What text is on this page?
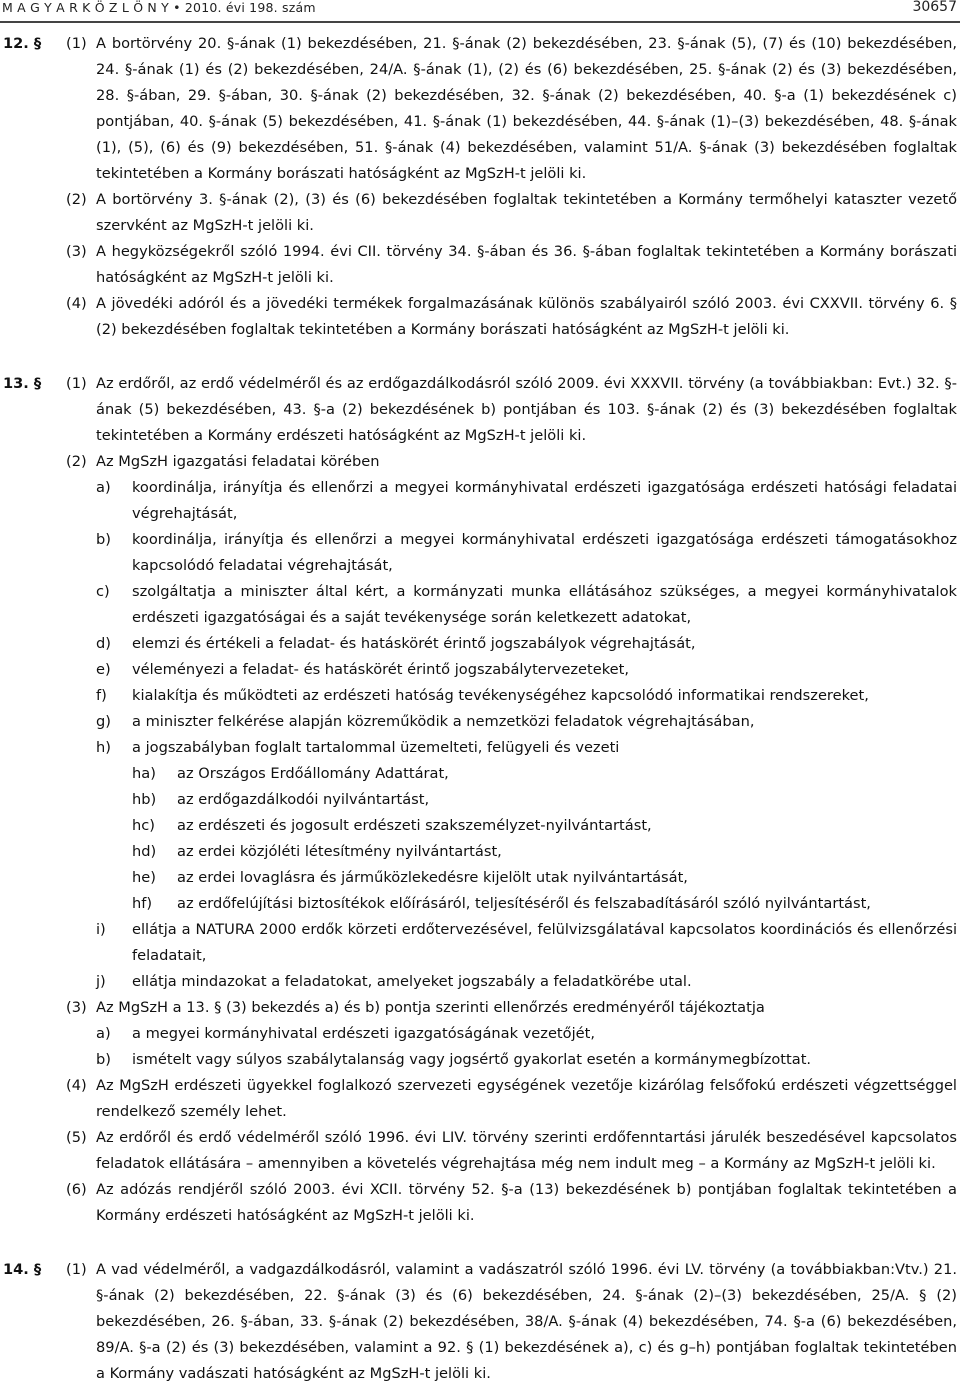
M A G Y A R K Ö Z L Ö N Y • 2010. évi 198. szám	30657
12. §	(1) A bortörvény 20. §-ának (1) bekezdésében, 21. §-ának (2) bekezdésében, 23. §-ának (5), (7) és (10) bekezdésében, 24. §-ának (1) és (2) bekezdésében, 24/A. §-ának (1), (2) és (6) bekezdésében, 25. §-ának (2) és (3) bekezdésében, 28. §-ában, 29. §-ában, 30. §-ának (2) bekezdésében, 32. §-ának (2) bekezdésében, 40. §-a (1) bekezdésének c) pontjában, 40. §-ának (5) bekezdésében, 41. §-ának (1) bekezdésében, 44. §-ának (1)–(3) bekezdésében, 48. §-ának (1), (5), (6) és (9) bekezdésében, 51. §-ának (4) bekezdésében, valamint 51/A. §-ának (3) bekezdésében foglaltak tekintetében a Kormány borászati hatóságként az MgSzH-t jelöli ki.
(2) A bortörvény 3. §-ának (2), (3) és (6) bekezdésében foglaltak tekintetében a Kormány termőhelyi kataszter vezető szervként az MgSzH-t jelöli ki.
(3) A hegyközségekről szóló 1994. évi CII. törvény 34. §-ában és 36. §-ában foglaltak tekintetében a Kormány borászati hatóságként az MgSzH-t jelöli ki.
(4) A jövedéki adóról és a jövedéki termékek forgalmazásának különös szabályairól szóló 2003. évi CXXVII. törvény 6. § (2) bekezdésében foglaltak tekintetében a Kormány borászati hatóságként az MgSzH-t jelöli ki.
13. §	(1) Az erdőről, az erdő védelméről és az erdőgazdálkodásról szóló 2009. évi XXXVII. törvény (a továbbiakban: Evt.) 32. §-ának (5) bekezdésében, 43. §-a (2) bekezdésének b) pontjában és 103. §-ának (2) és (3) bekezdésében foglaltak tekintetében a Kormány erdészeti hatóságként az MgSzH-t jelöli ki.
(2) Az MgSzH igazgatási feladatai körében
a)	koordinálja, irányítja és ellenőrzi a megyei kormányhivatal erdészeti igazgatósága erdészeti hatósági feladatai végrehajtását,
b)	koordinálja, irányítja és ellenőrzi a megyei kormányhivatal erdészeti igazgatósága erdészeti támogatásokhoz kapcsolódó feladatai végrehajtását,
c)	szolgáltatja a miniszter által kért, a kormányzati munka ellátásához szükséges, a megyei kormányhivatalok erdészeti igazgatóságai és a saját tevékenysége során keletkezett adatokat,
d)	elemzi és értékeli a feladat- és hatáskörét érintő jogszabályok végrehajtását,
e)	véleményezi a feladat- és hatáskörét érintő jogszabálytervezeteket,
f)	kialakítja és működteti az erdészeti hatóság tevékenységéhez kapcsolódó informatikai rendszereket,
g)	a miniszter felkérése alapján közreműködik a nemzetközi feladatok végrehajtásában,
h)	a jogszabályban foglalt tartalommal üzemelteti, felügyeli és vezeti
ha)	az Országos Erdőállomány Adattárat,
hb)	az erdőgazdálkodói nyilvántartást,
hc)	az erdészeti és jogosult erdészeti szakszemélyzet-nyilvántartást,
hd)	az erdei közjóléti létesítmény nyilvántartást,
he)	az erdei lovaglásra és járműközlekedésre kijelölt utak nyilvántartását,
hf)	az erdőfelújítási biztosítékok előírásáról, teljesítéséről és felszabadításáról szóló nyilvántartást,
i)	ellátja a NATURA 2000 erdők körzeti erdőtervezésével, felülvizsgálatával kapcsolatos koordinációs és ellenőrzési feladatait,
j)	ellátja mindazokat a feladatokat, amelyeket jogszabály a feladatkörébe utal.
(3) Az MgSzH a 13. § (3) bekezdés a) és b) pontja szerinti ellenőrzés eredményéről tájékoztatja
a)	a megyei kormányhivatal erdészeti igazgatóságának vezetőjét,
b)	ismételt vagy súlyos szabálytalanság vagy jogsértő gyakorlat esetén a kormánymegbízottat.
(4) Az MgSzH erdészeti ügyekkel foglalkozó szervezeti egységének vezetője kizárólag felsőfokú erdészeti végzettséggel rendelkező személy lehet.
(5) Az erdőről és erdő védelméről szóló 1996. évi LIV. törvény szerinti erdőfenntartási járulék beszedésével kapcsolatos feladatok ellátására – amennyiben a követelés végrehajtása még nem indult meg – a Kormány az MgSzH-t jelöli ki.
(6) Az adózás rendjéről szóló 2003. évi XCII. törvény 52. §-a (13) bekezdésének b) pontjában foglaltak tekintetében a Kormány erdészeti hatóságként az MgSzH-t jelöli ki.
14. §	(1) A vad védelméről, a vadgazdálkodásról, valamint a vadászatról szóló 1996. évi LV. törvény (a továbbiakban:Vtv.) 21. §-ának (2) bekezdésében, 22. §-ának (3) és (6) bekezdésében, 24. §-ának (2)–(3) bekezdésében, 25/A. § (2) bekezdésében, 26. §-ában, 33. §-ának (2) bekezdésében, 38/A. §-ának (4) bekezdésében, 74. §-a (6) bekezdésében, 89/A. §-a (2) és (3) bekezdésében, valamint a 92. § (1) bekezdésének a), c) és g–h) pontjában foglaltak tekintetében a Kormány vadászati hatóságként az MgSzH-t jelöli ki.
